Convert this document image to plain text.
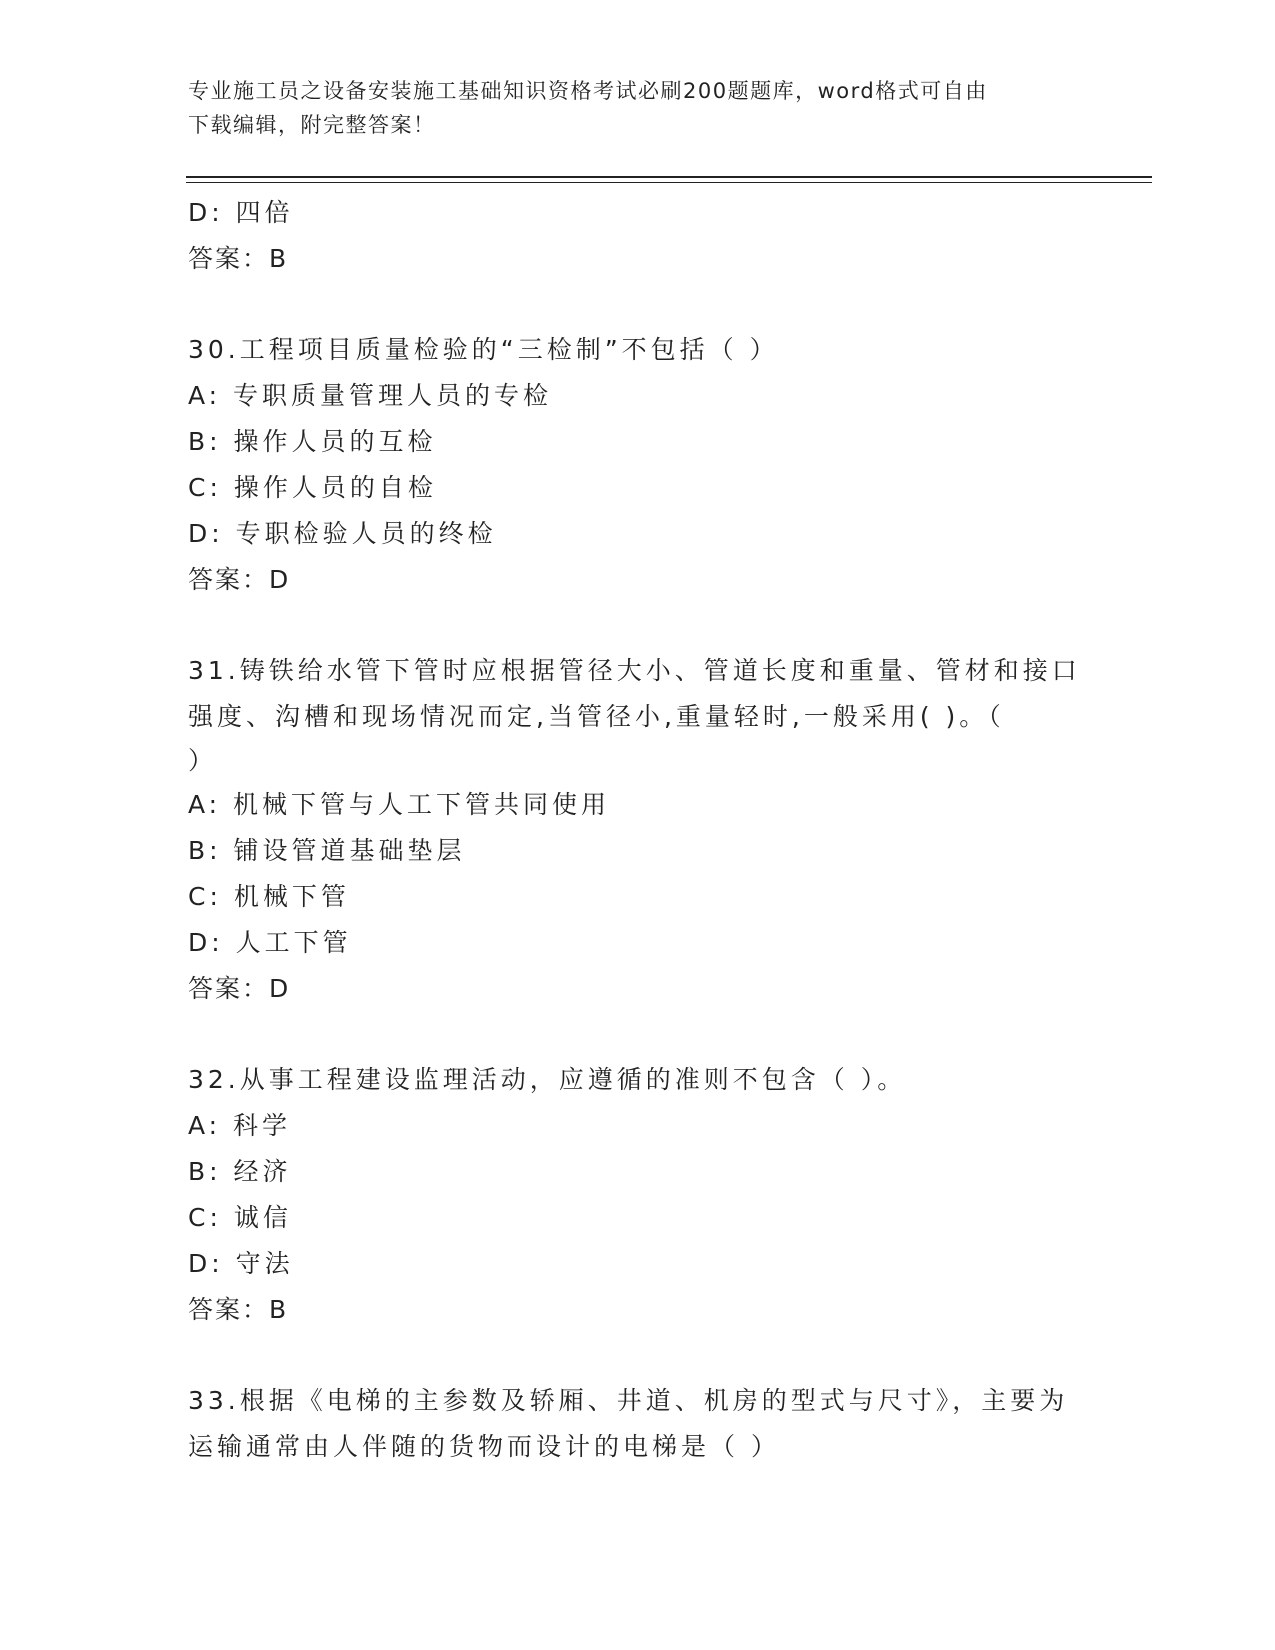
专业施工员之设备安装施工基础知识资格考试必刷200题题库，word格式可自由
下载编辑，附完整答案！
D: 四倍
答案：B
30.工程项目质量检验的“三检制”不包括（ ）
A: 专职质量管理人员的专检
B: 操作人员的互检
C: 操作人员的自检
D: 专职检验人员的终检
答案：D
31.铸铁给水管下管时应根据管径大小、管道长度和重量、管材和接口
强度、沟槽和现场情况而定,当管径小,重量轻时,一般采用( )。（
）
A: 机械下管与人工下管共同使用
B: 铺设管道基础垫层
C: 机械下管
D: 人工下管
答案：D
32.从事工程建设监理活动，应遵循的准则不包含（ ）。
A: 科学
B: 经济
C: 诚信
D: 守法
答案：B
33.根据《电梯的主参数及轿厢、井道、机房的型式与尺寸》，主要为
运输通常由人伴随的货物而设计的电梯是（ ）
